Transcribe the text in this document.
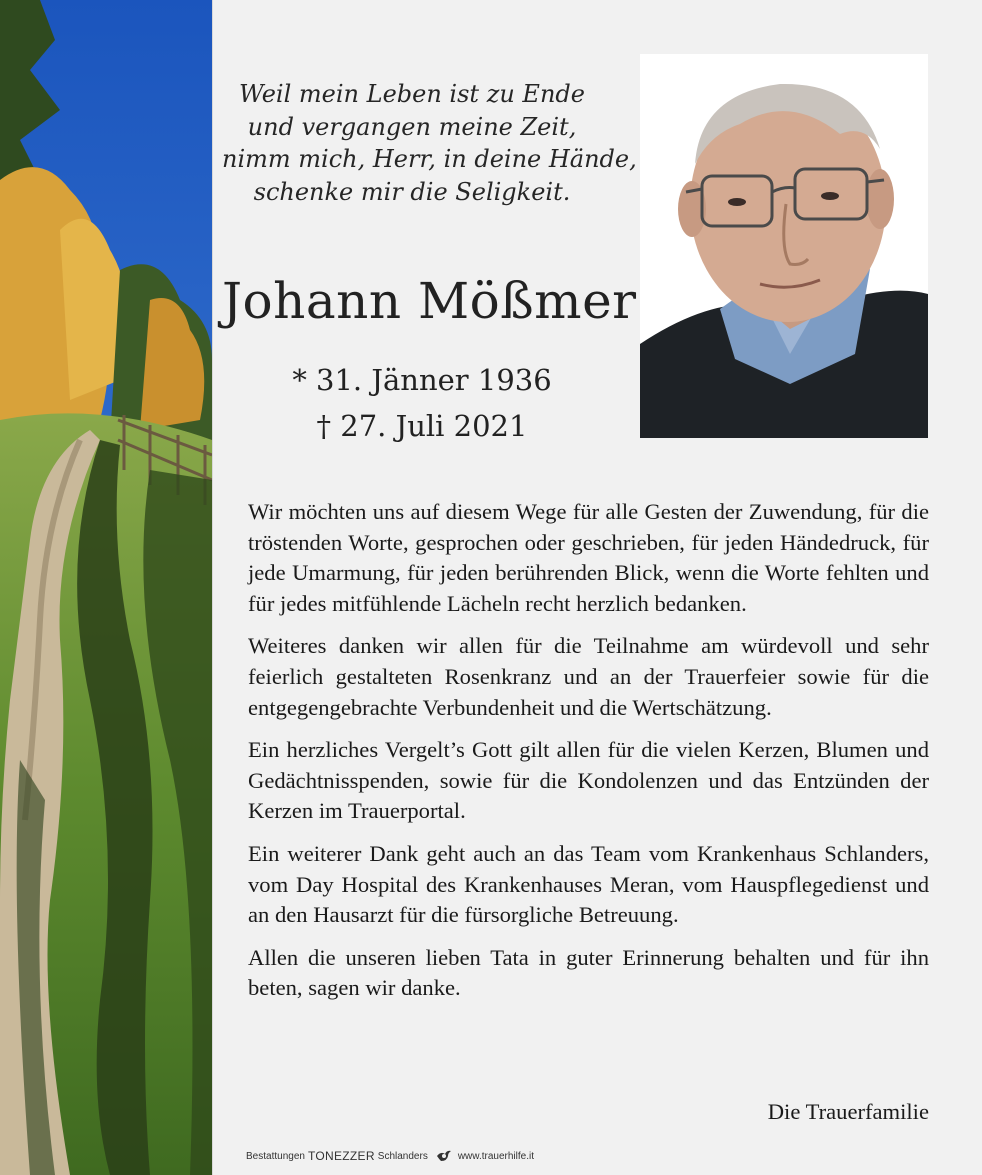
Weil mein Leben ist zu Ende
und vergangen meine Zeit,
nimm mich, Herr, in deine Hände,
schenke mir die Seligkeit.
Johann Mößmer
* 31. Jänner 1936
† 27. Juli 2021

Wir möchten uns auf diesem Wege für alle Gesten der Zuwendung, für die tröstenden Worte, gesprochen oder geschrieben, für jeden Händedruck, für jede Umarmung, für jeden berührenden Blick, wenn die Worte fehlten und für jedes mitfühlende Lächeln recht herzlich bedanken.

Weiteres danken wir allen für die Teilnahme am würdevoll und sehr feierlich gestalteten Rosenkranz und an der Trauerfeier sowie für die entgegengebrachte Verbundenheit und die Wertschätzung.

Ein herzliches Vergelt’s Gott gilt allen für die vielen Kerzen, Blumen und Gedächtnisspenden, sowie für die Kondolenzen und das Entzünden der Kerzen im Trauerportal.

Ein weiterer Dank geht auch an das Team vom Krankenhaus Schlanders, vom Day Hospital des Krankenhauses Meran, vom Hauspflegedienst und an den Hausarzt für die fürsorgliche Betreuung.

Allen die unseren lieben Tata in guter Erinnerung behalten und für ihn beten, sagen wir danke.

Die Trauerfamilie
Bestattungen TONEZZER Schlanders	www.trauerhilfe.it
